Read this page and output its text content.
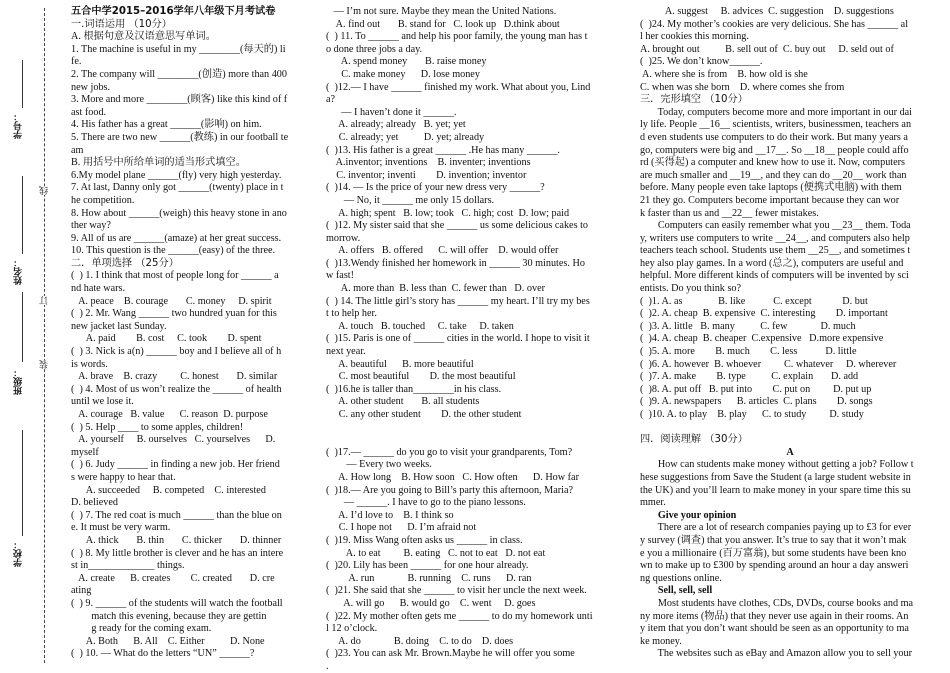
学号：
线
姓名：
订
班级：
装
学校：
五合中学2015–2016学年八年级下月考试卷
一.词语运用 （10分）
A. 根据句意及汉语意思写单词。
1. The machine is useful in my ________(每天的) li
fe.
2. The company will ________(创造) more than 400
new jobs.
3. More and more ________(顾客) like this kind of f
ast food.
4. His father has a great ______(影响) on him.
5. There are two new ______(教练) in our football te
am
B. 用括号中所给单词的适当形式填空。
6.My model plane ______(fly) very high yesterday.
7. At last, Danny only got ______(twenty) place in t
he competition.
8. How about ______(weigh) this heavy stone in ano
ther way?
9. All of us are ______(amaze) at her great success.
10. This question is the ______(easy) of the three.
二．单项选择 （25分）
(  ) 1. I think that most of people long for ______ a
nd hate wars.
A. peace    B. courage       C. money     D. spirit
(  ) 2. Mr. Wang ______ two hundred yuan for this
new jacket last Sunday.
A. paid        B. cost     C. took        D. spent
(  ) 3. Nick is a(n) ______ boy and I believe all of h
is words.
A. brave    B. crazy         C. honest       D. similar
(  ) 4. Most of us won’t realize the ______ of health
until we lose it.
A. courage   B. value      C. reason  D. purpose
(  ) 5. Help ____ to some apples, children!
A. yourself     B. ourselves   C. yourselves      D.
myself
(  ) 6. Judy ______ in finding a new job. Her friend
s were happy to hear that.
A. succeeded     B. competed    C. interested
D. believed
(  ) 7. The red coat is much ______ than the blue on
e. It must be very warm.
A. thick       B. thin       C. thicker       D. thinner
(  ) 8. My little brother is clever and he has an intere
st in_____________ things.
A. create      B. creates        C. created       D. cre
ating
(  ) 9. ______ of the students will watch the football
match this evening, because they are gettin
g ready for the coming exam.
A. Both      B. All    C. Either          D. None
(  ) 10. — What do the letters “UN” ______?
— I’m not sure. Maybe they mean the United Nations.
A. find out       B. stand for   C. look up   D.think about
(  ) 11. To ______ and help his poor family, the young man has t
o done three jobs a day.
A. spend money       B. raise money
C. make money      D. lose money
(  )12.— I have ______ finished my work. What about you, Lind
a?
— I haven’t done it ______.
A. already; already   B. yet; yet
C. already; yet          D. yet; already
(  )13. His father is a great ______ .He has many ______.
A.inventor; inventions    B. inventer; inventions
C. inventor; inventi        D. invention; inventor
(  )14. — Is the price of your new dress very ______?
— No, it ______ me only 15 dollars.
A. high; spent   B. low; took   C. high; cost  D. low; paid
(  )12. My sister said that she ______ us some delicious cakes to
morrow.
A. offers   B. offered      C. will offer    D. would offer
(  )13.Wendy finished her homework in ______ 30 minutes. Ho
w fast!
A. more than  B. less than  C. fewer than   D. over
(  ) 14. The little girl’s story has ______ my heart. I’ll try my bes
t to help her.
A. touch   B. touched     C. take     D. taken
(  )15. Paris is one of ______ cities in the world. I hope to visit it
next year.
A. beautiful      B. more beautiful
C. most beautiful        D. the most beautiful
(  )16.he is taller than________in his class.
A. other student       B. all students
C. any other student        D. the other student
(  )17.— ______ do you go to visit your grandparents, Tom?
— Every two weeks.
A. How long    B. How soon   C. How often      D. How far
(  )18.— Are you going to Bill’s party this afternoon, Maria?
— ______. I have to go to the piano lessons.
A. I’d love to    B. I think so
C. I hope not      D. I’m afraid not
(  )19. Miss Wang often asks us ______ in class.
A. to eat         B. eating   C. not to eat   D. not eat
(  )20. Lily has been ______ for one hour already.
A. run             B. running    C. runs      D. ran
(  )21. She said that she ______ to visit her uncle the next week.
A. will go      B. would go    C. went     D. goes
(  )22. My mother often gets me ______ to do my homework unti
l 12 o’clock.
A. do             B. doing    C. to do    D. does
(  )23. You can ask Mr. Brown.Maybe he will offer you some
.
A. suggest     B. advices  C. suggestion    D. suggestions
(  )24. My mother’s cookies are very delicious. She has ______ al
l her cookies this morning.
A. brought out          B. sell out of  C. buy out     D. seld out of
(  )25. We don’t know______.
A. where she is from    B. how old is she
C. when was she born    D. where comes she from
三．完形填空 （10分）
Today, computers become more and more important in our dai
ly life. People __16__ scientists, writers, businessmen, teachers an
d even students use computers to do their work. But many years a
go, computers were big and __17__. So __18__ people could affo
rd (买得起) a computer and knew how to use it. Now, computers
are much smaller and __19__, and they can do __20__ work than
before. Many people even take laptops (便携式电脑) with them
21 they go. Computers become important because they can wor
k faster than us and __22__ fewer mistakes.
Computers can easily remember what you __23__ them. Toda
y, writers use computers to write __24__, and computers also help
teachers teach school. Students use them __25__, and sometimes t
hey also play games. In a word (总之), computers are useful and
helpful. More different kinds of computers will be invented by sci
entists. Do you think so?
(  )1. A. as              B. like           C. except            D. but
(  )2. A. cheap  B. expensive  C. interesting        D. important
(  )3. A. little   B. many          C. few             D. much
(  )4. A. cheap  B. cheaper  C.expensive   D.more expensive
(  )5. A. more        B. much        C. less           D. little
(  )6. A. however  B. whoever         C. whatever     D. wherever
(  )7. A. make        B. type          C. explain       D. add
(  )8. A. put off   B. put into        C. put on         D. put up
(  )9. A. newspapers      B. articles  C. plans        D. songs
(  )10. A. to play    B. play      C. to study         D. study
四．阅读理解 （30分）
A
How can students make money without getting a job? Follow t
hese suggestions from Save the Student (a large student website in
the UK) and you’ll learn to make money in your spare time this su
mmer.
Give your opinion
There are a lot of research companies paying up to £3 for ever
y survey (调查) that you answer. It’s true to say that it won’t mak
e you a millionaire (百万富翁), but some students have been kno
wn to make up to £300 by spending around an hour a day answeri
ng questions online.
Sell, sell, sell
Most students have clothes, CDs, DVDs, course books and ma
ny more items (物品) that they never use again in their rooms. An
y item that you don’t want should be seen as an opportunity to ma
ke money.
The websites such as eBay and Amazon allow you to sell your
